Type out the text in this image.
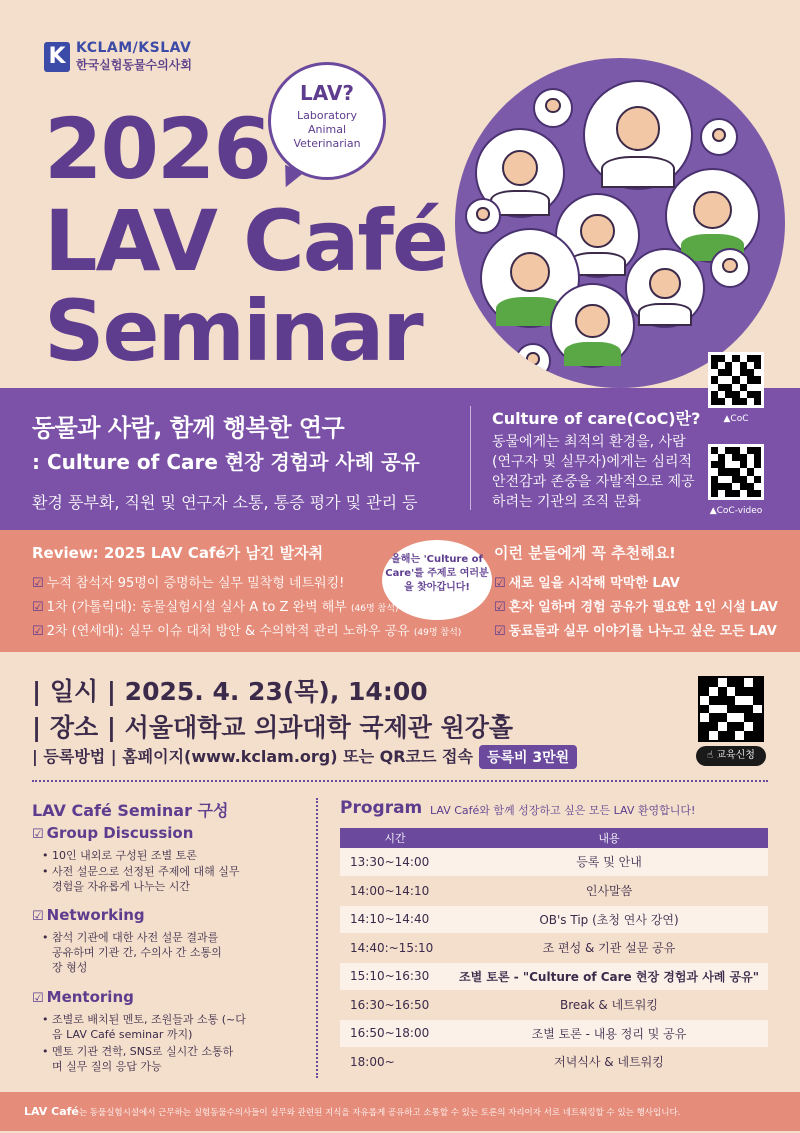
K KCLAM/KSLAV
한국실험동물수의사회
2026
LAV Café
Seminar
LAV?
Laboratory
Animal
Veterinarian
동물과 사람, 함께 행복한 연구
: Culture of Care 현장 경험과 사례 공유
환경 풍부화, 직원 및 연구자 소통, 통증 평가 및 관리 등
Culture of care(CoC)란?
동물에게는 최적의 환경을, 사람(연구자 및 실무자)에게는 심리적 안전감과 존중을 자발적으로 제공하려는 기관의 조직 문화
▲CoC
▲CoC-video
Review: 2025 LAV Café가 남긴 발자취
☑ 누적 참석자 95명이 증명하는 실무 밀착형 네트워킹!
☑ 1차 (가톨릭대): 동물실험시설 실사 A to Z 완벽 해부 (46명 참석)
☑ 2차 (연세대): 실무 이슈 대처 방안 & 수의학적 관리 노하우 공유 (49명 참석)
올해는 'Culture of Care'를 주제로 여러분을 찾아갑니다!
이런 분들에게 꼭 추천해요!
☑ 새로 일을 시작해 막막한 LAV
☑ 혼자 일하며 경험 공유가 필요한 1인 시설 LAV
☑ 동료들과 실무 이야기를 나누고 싶은 모든 LAV
| 일시 | 2025. 4. 23(목), 14:00
| 장소 | 서울대학교 의과대학 국제관 원강홀
| 등록방법 | 홈페이지(www.kclam.org) 또는 QR코드 접속 등록비 3만원	☝ 교육신청
LAV Café Seminar 구성
☑ Group Discussion
• 10인 내외로 구성된 조별 토론
• 사전 설문으로 선정된 주제에 대해 실무 경험을 자유롭게 나누는 시간
☑ Networking
• 참석 기관에 대한 사전 설문 결과를 공유하며 기관 간, 수의사 간 소통의 장 형성
☑ Mentoring
• 조별로 배치된 멘토, 조원들과 소통 (~다음 LAV Café seminar 까지)
• 멘토 기관 견학, SNS로 실시간 소통하며 실무 질의 응답 가능
Program LAV Café와 함께 성장하고 싶은 모든 LAV 환영합니다!
시간	내용
13:30~14:00	등록 및 안내
14:00~14:10	인사말씀
14:10~14:40	OB's Tip (초청 연사 강연)
14:40:~15:10	조 편성 & 기관 설문 공유
15:10~16:30	조별 토론 - "Culture of Care 현장 경험과 사례 공유"
16:30~16:50	Break & 네트워킹
16:50~18:00	조별 토론 - 내용 정리 및 공유
18:00~	저녁식사 & 네트워킹
LAV Café는 동물실험시설에서 근무하는 실험동물수의사들이 실무와 관련된 지식을 자유롭게 공유하고 소통할 수 있는 토론의 자리이자 서로 네트워킹할 수 있는 행사입니다.
